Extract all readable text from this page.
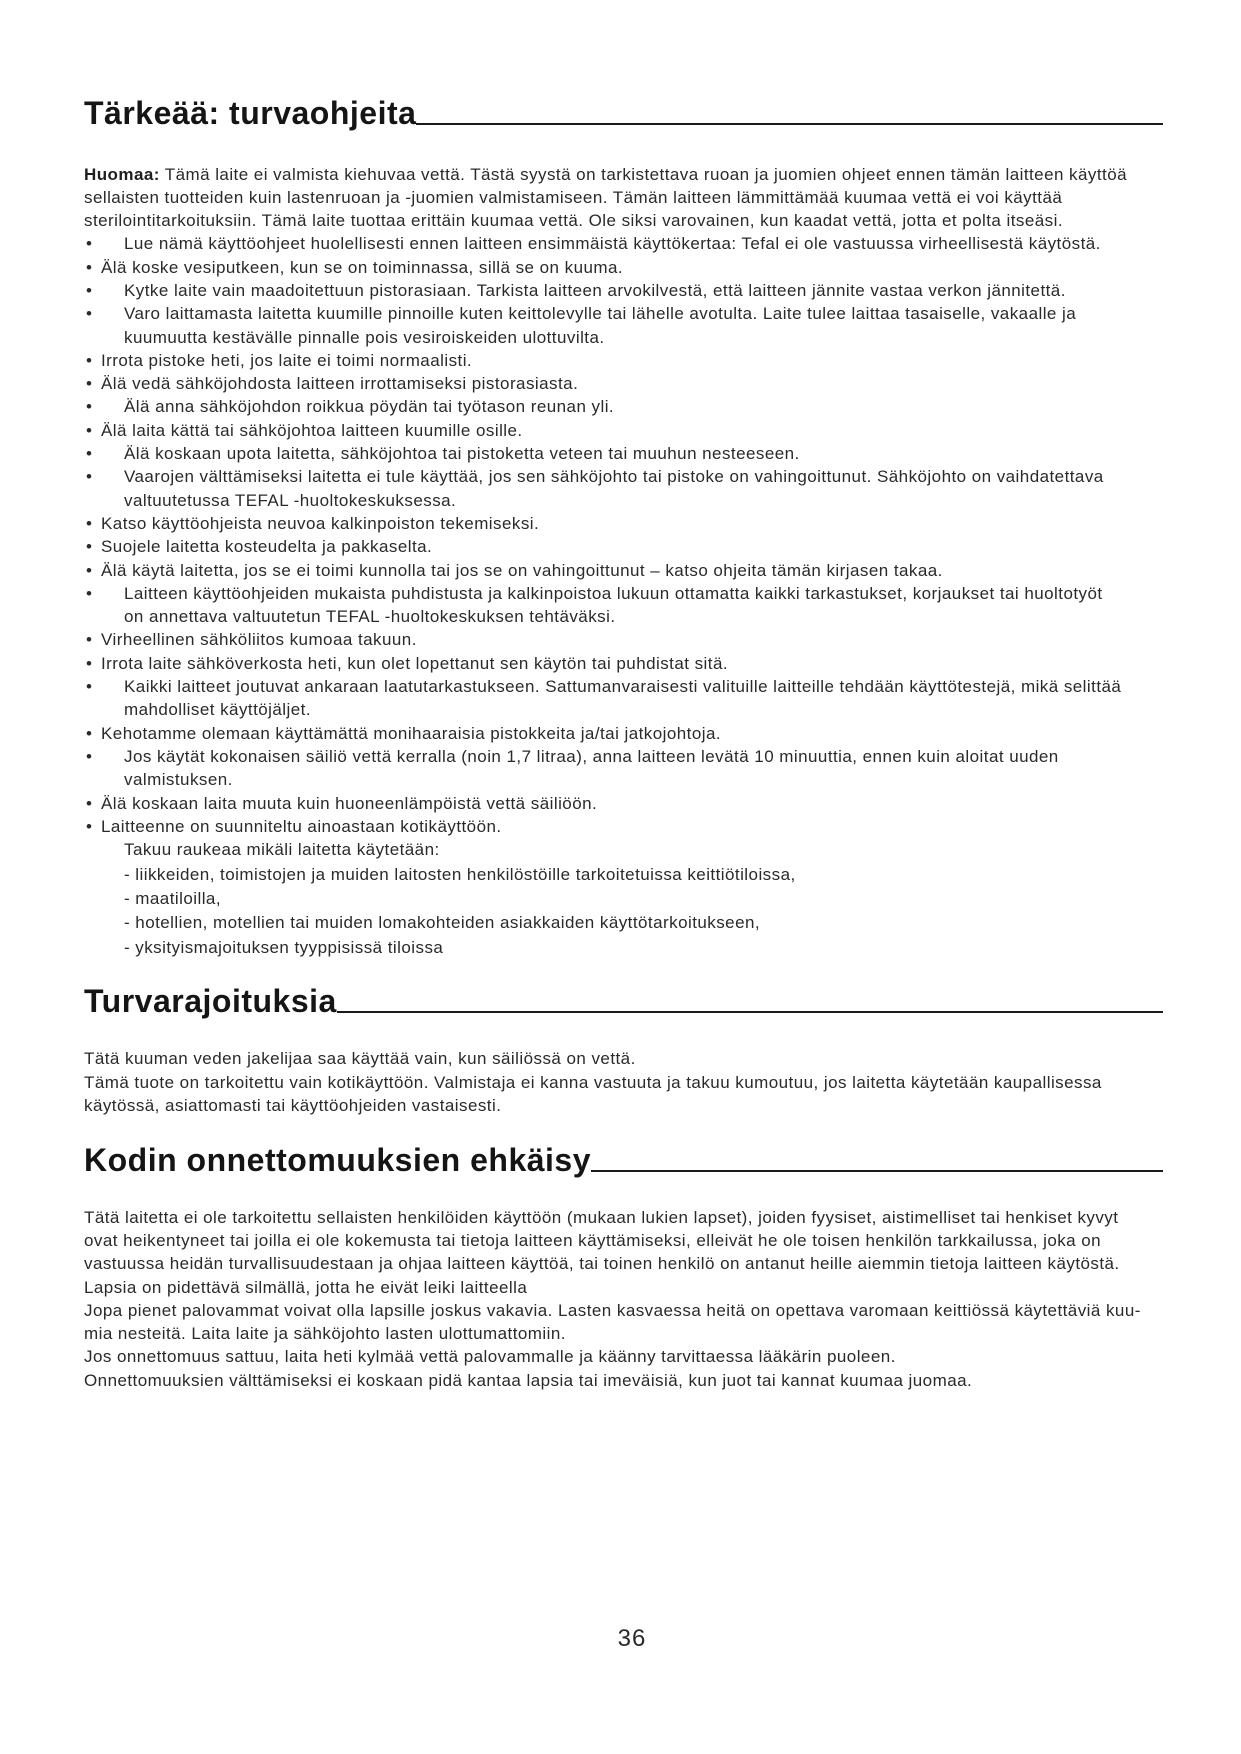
Tärkeää: turvaohjeita
Huomaa: Tämä laite ei valmista kiehuvaa vettä. Tästä syystä on tarkistettava ruoan ja juomien ohjeet ennen tämän laitteen käyttöä
sellaisten tuotteiden kuin lastenruoan ja -juomien valmistamiseen. Tämän laitteen lämmittämää kuumaa vettä ei voi käyttää
sterilointitarkoituksiin. Tämä laite tuottaa erittäin kuumaa vettä. Ole siksi varovainen, kun kaadat vettä, jotta et polta itseäsi.
• Lue nämä käyttöohjeet huolellisesti ennen laitteen ensimmäistä käyttökertaa: Tefal ei ole vastuussa virheellisestä käytöstä.
• Älä koske vesiputkeen, kun se on toiminnassa, sillä se on kuuma.
• Kytke laite vain maadoitettuun pistorasiaan. Tarkista laitteen arvokilvestä, että laitteen jännite vastaa verkon jännitettä.
• Varo laittamasta laitetta kuumille pinnoille kuten keittolevylle tai lähelle avotulta. Laite tulee laittaa tasaiselle, vakaalle ja
kuumuutta kestävälle pinnalle pois vesiroiskeiden ulottuvilta.
• Irrota pistoke heti, jos laite ei toimi normaalisti.
• Älä vedä sähköjohdosta laitteen irrottamiseksi pistorasiasta.
• Älä anna sähköjohdon roikkua pöydän tai työtason reunan yli.
• Älä laita kättä tai sähköjohtoa laitteen kuumille osille.
• Älä koskaan upota laitetta, sähköjohtoa tai pistoketta veteen tai muuhun nesteeseen.
• Vaarojen välttämiseksi laitetta ei tule käyttää, jos sen sähköjohto tai pistoke on vahingoittunut. Sähköjohto on vaihdatettava
valtuutetussa TEFAL -huoltokeskuksessa.
• Katso käyttöohjeista neuvoa kalkinpoiston tekemiseksi.
• Suojele laitetta kosteudelta ja pakkaselta.
• Älä käytä laitetta, jos se ei toimi kunnolla tai jos se on vahingoittunut – katso ohjeita tämän kirjasen takaa.
• Laitteen käyttöohjeiden mukaista puhdistusta ja kalkinpoistoa lukuun ottamatta kaikki tarkastukset, korjaukset tai huoltotyöt
on annettava valtuutetun TEFAL -huoltokeskuksen tehtäväksi.
• Virheellinen sähköliitos kumoaa takuun.
• Irrota laite sähköverkosta heti, kun olet lopettanut sen käytön tai puhdistat sitä.
• Kaikki laitteet joutuvat ankaraan laatutarkastukseen. Sattumanvaraisesti valituille laitteille tehdään käyttötestejä, mikä selittää
mahdolliset käyttöjäljet.
• Kehotamme olemaan käyttämättä monihaaraisia pistokkeita ja/tai jatkojohtoja.
• Jos käytät kokonaisen säiliö vettä kerralla (noin 1,7 litraa), anna laitteen levätä 10 minuuttia, ennen kuin aloitat uuden
valmistuksen.
• Älä koskaan laita muuta kuin huoneenlämpöistä vettä säiliöön.
• Laitteenne on suunniteltu ainoastaan kotikäyttöön.
Takuu raukeaa mikäli laitetta käytetään:
- liikkeiden, toimistojen ja muiden laitosten henkilöstöille tarkoitetuissa keittiötiloissa,
- maatiloilla,
- hotellien, motellien tai muiden lomakohteiden asiakkaiden käyttötarkoitukseen,
- yksityismajoituksen tyyppisissä tiloissa
Turvarajoituksia
Tätä kuuman veden jakelijaa saa käyttää vain, kun säiliössä on vettä.
Tämä tuote on tarkoitettu vain kotikäyttöön. Valmistaja ei kanna vastuuta ja takuu kumoutuu, jos laitetta käytetään kaupallisessa
käytössä, asiattomasti tai käyttöohjeiden vastaisesti.
Kodin onnettomuuksien ehkäisy
Tätä laitetta ei ole tarkoitettu sellaisten henkilöiden käyttöön (mukaan lukien lapset), joiden fyysiset, aistimelliset tai henkiset kyvyt
ovat heikentyneet tai joilla ei ole kokemusta tai tietoja laitteen käyttämiseksi, elleivät he ole toisen henkilön tarkkailussa, joka on
vastuussa heidän turvallisuudestaan ja ohjaa laitteen käyttöä, tai toinen henkilö on antanut heille aiemmin tietoja laitteen käytöstä.
Lapsia on pidettävä silmällä, jotta he eivät leiki laitteella
Jopa pienet palovammat voivat olla lapsille joskus vakavia. Lasten kasvaessa heitä on opettava varomaan keittiössä käytettäviä kuu-
mia nesteitä. Laita laite ja sähköjohto lasten ulottumattomiin.
Jos onnettomuus sattuu, laita heti kylmää vettä palovammalle ja käänny tarvittaessa lääkärin puoleen.
Onnettomuuksien välttämiseksi ei koskaan pidä kantaa lapsia tai imeväisiä, kun juot tai kannat kuumaa juomaa.
36
